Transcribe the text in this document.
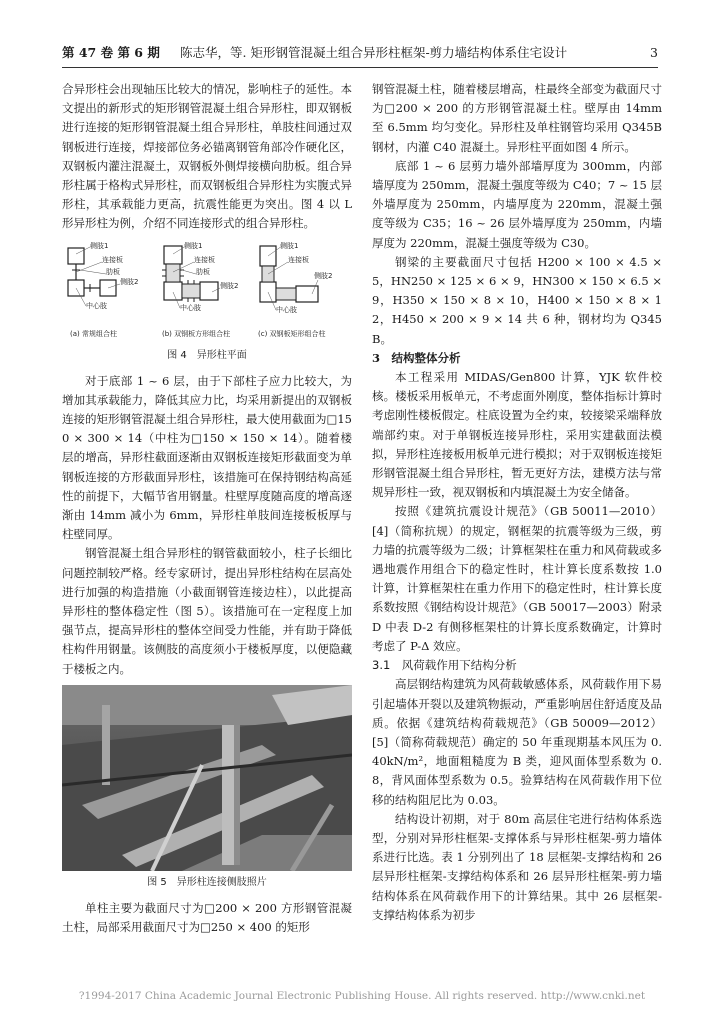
第 47 卷 第 6 期 陈志华，等. 矩形钢管混凝土组合异形柱框架-剪力墙结构体系住宅设计	3

合异形柱会出现轴压比较大的情况，影响柱子的延性。本文提出的新形式的矩形钢管混凝土组合异形柱，即双钢板进行连接的矩形钢管混凝土组合异形柱，单肢柱间通过双钢板进行连接，焊接部位务必锚离钢管角部冷作硬化区，双钢板内灌注混凝土，双钢板外侧焊接横向肋板。组合异形柱属于格构式异形柱，而双钢板组合异形柱为实腹式异形柱，其承载能力更高，抗震性能更为突出。图 4 以 L 形异形柱为例，介绍不同连接形式的组合异形柱。

侧肢1
连接板
肋板
侧肢2
中心肢
侧肢1
连接板
肋板
侧肢2
中心肢
侧肢1
连接板
侧肢2
中心肢
(a) 常规组合柱	(b) 双钢板方形组合柱	(c) 双钢板矩形组合柱
图 4　异形柱平面

对于底部 1 ~ 6 层，由于下部柱子应力比较大，为增加其承载能力，降低其应力比，均采用新提出的双钢板连接的矩形钢管混凝土组合异形柱，最大使用截面为□150 × 300 × 14（中柱为□150 × 150 × 14）。随着楼层的增高，异形柱截面逐渐由双钢板连接矩形截面变为单钢板连接的方形截面异形柱，该措施可在保持钢结构高延性的前提下，大幅节省用钢量。柱壁厚度随高度的增高逐渐由 14mm 减小为 6mm，异形柱单肢间连接板板厚与柱壁同厚。

钢管混凝土组合异形柱的钢管截面较小，柱子长细比问题控制较严格。经专家研讨，提出异形柱结构在层高处进行加强的构造措施（小截面钢管连接边柱），以此提高异形柱的整体稳定性（图 5）。该措施可在一定程度上加强节点，提高异形柱的整体空间受力性能，并有助于降低柱构件用钢量。该侧肢的高度须小于楼板厚度，以便隐藏于楼板之内。

图 5　异形柱连接侧肢照片

单柱主要为截面尺寸为□200 × 200 方形钢管混凝土柱，局部采用截面尺寸为□250 × 400 的矩形

钢管混凝土柱，随着楼层增高，柱最终全部变为截面尺寸为□200 × 200 的方形钢管混凝土柱。壁厚由 14mm 至 6.5mm 均匀变化。异形柱及单柱钢管均采用 Q345B 钢材，内灌 C40 混凝土。异形柱平面如图 4 所示。

底部 1 ~ 6 层剪力墙外部墙厚度为 300mm，内部墙厚度为 250mm，混凝土强度等级为 C40；7 ~ 15 层外墙厚度为 250mm，内墙厚度为 220mm，混凝土强度等级为 C35；16 ~ 26 层外墙厚度为 250mm，内墙厚度为 220mm，混凝土强度等级为 C30。

钢梁的主要截面尺寸包括 H200 × 100 × 4.5 × 5，HN250 × 125 × 6 × 9，HN300 × 150 × 6.5 × 9，H350 × 150 × 8 × 10，H400 × 150 × 8 × 12，H450 × 200 × 9 × 14 共 6 种，钢材均为 Q345B。

3　结构整体分析

本工程采用 MIDAS/Gen800 计算，YJK 软件校核。楼板采用板单元，不考虑面外刚度，整体指标计算时考虑刚性楼板假定。柱底设置为全约束，较接梁采端释放端部约束。对于单钢板连接异形柱，采用实建截面法模拟，异形柱连接板用板单元进行模拟；对于双钢板连接矩形钢管混凝土组合异形柱，暂无更好方法，建模方法与常规异形柱一致，视双钢板和内填混凝土为安全储备。

按照《建筑抗震设计规范》（GB 50011—2010）[4]（简称抗规）的规定，钢框架的抗震等级为三级，剪力墙的抗震等级为二级；计算框架柱在重力和风荷载或多遇地震作用组合下的稳定性时，柱计算长度系数按 1.0 计算，计算框架柱在重力作用下的稳定性时，柱计算长度系数按照《钢结构设计规范》（GB 50017—2003）附录 D 中表 D-2 有侧移框架柱的计算长度系数确定，计算时考虑了 P-Δ 效应。

3.1　风荷载作用下结构分析

高层钢结构建筑为风荷载敏感体系，风荷载作用下易引起墙体开裂以及建筑物振动，严重影响居住舒适度及品质。依据《建筑结构荷载规范》（GB 50009—2012）[5]（简称荷载规范）确定的 50 年重现期基本风压为 0.40kN/m²，地面粗糙度为 B 类，迎风面体型系数为 0.8，背风面体型系数为 0.5。验算结构在风荷载作用下位移的结构阻尼比为 0.03。

结构设计初期，对于 80m 高层住宅进行结构体系选型，分别对异形柱框架-支撑体系与异形柱框架-剪力墙体系进行比选。表 1 分别列出了 18 层框架-支撑结构和 26 层异形柱框架-支撑结构体系和 26 层异形柱框架-剪力墙结构体系在风荷载作用下的计算结果。其中 26 层框架-支撑结构体系为初步

?1994-2017 China Academic Journal Electronic Publishing House. All rights reserved. http://www.cnki.net
